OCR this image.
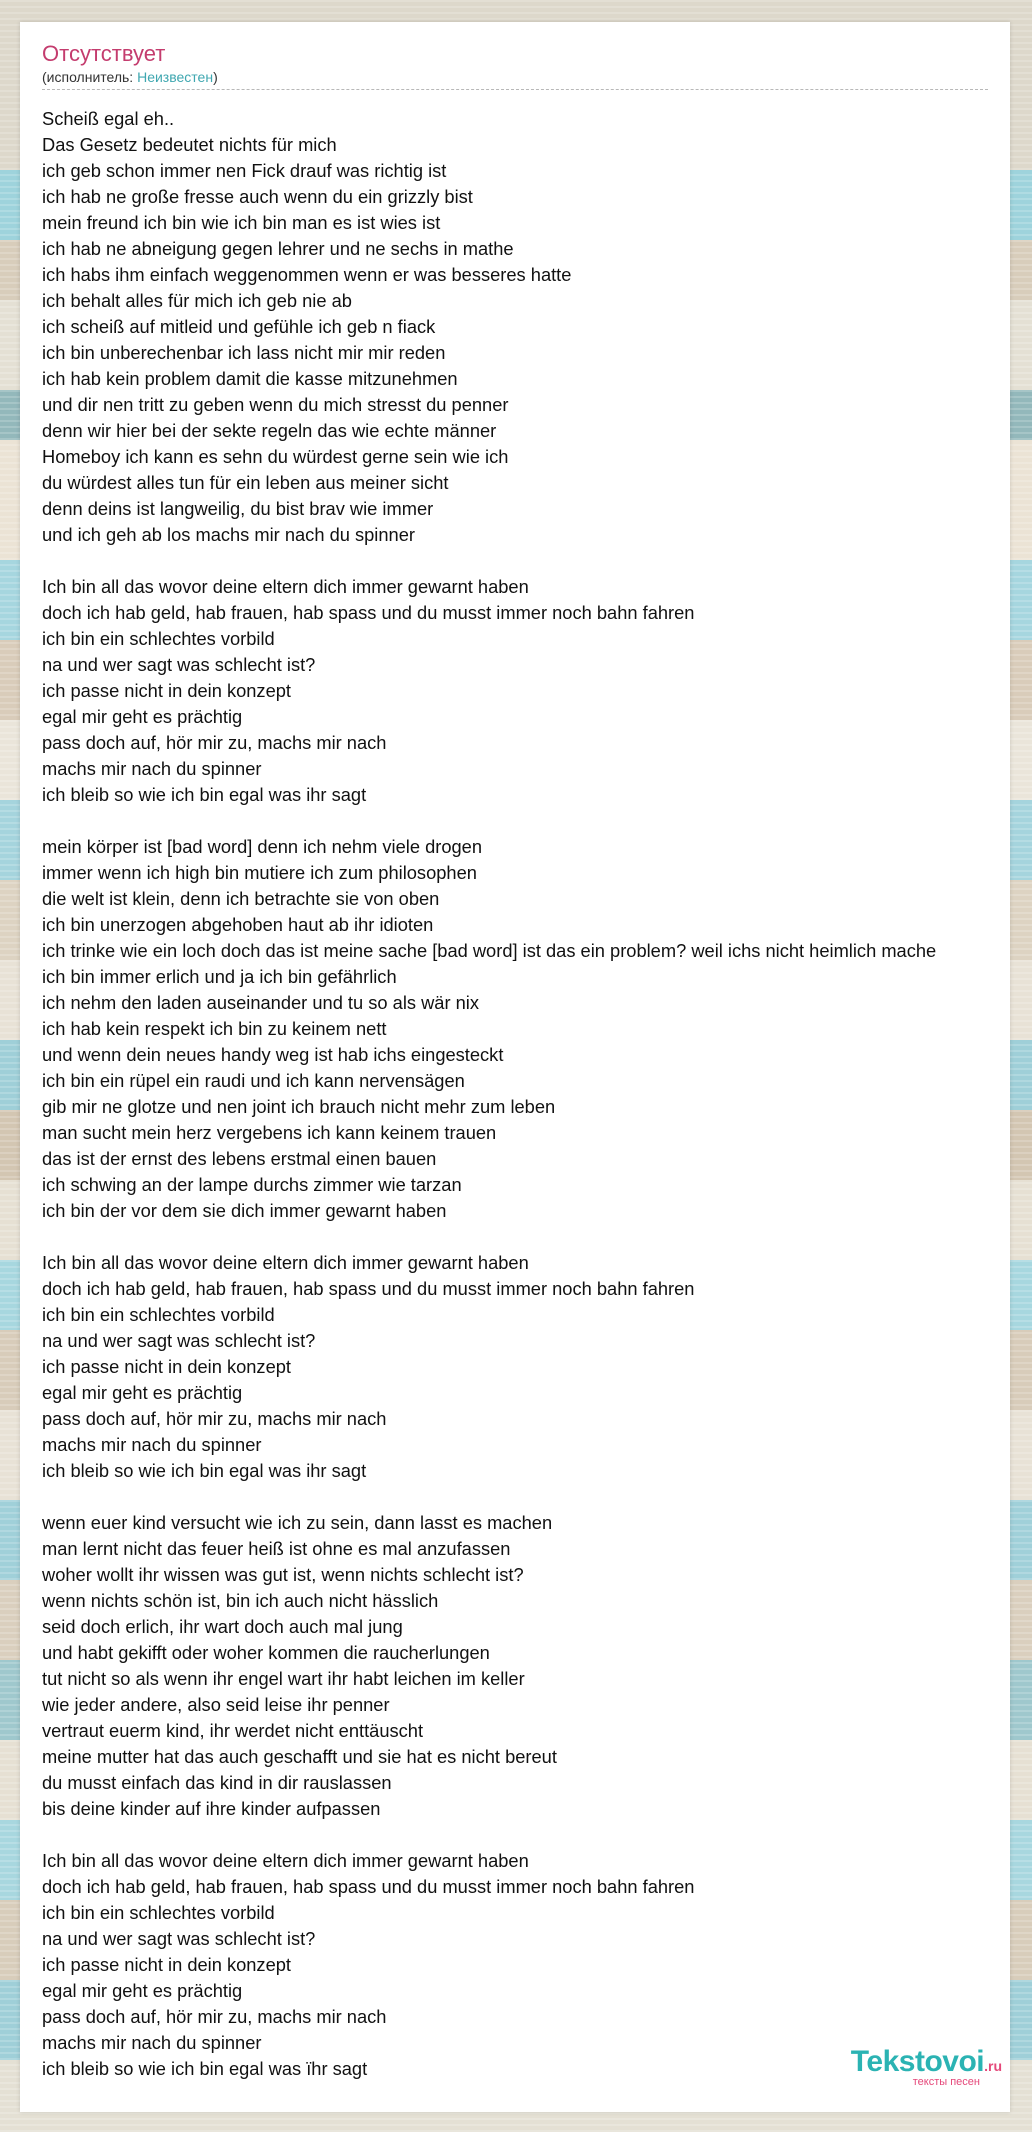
Отсутствует
(исполнитель: Неизвестен)
Scheiß egal eh..
Das Gesetz bedeutet nichts für mich
ich geb schon immer nen Fick drauf was richtig ist
ich hab ne große fresse auch wenn du ein grizzly bist
mein freund ich bin wie ich bin man es ist wies ist
ich hab ne abneigung gegen lehrer und ne sechs in mathe
ich habs ihm einfach weggenommen wenn er was besseres hatte
ich behalt alles für mich ich geb nie ab
ich scheiß auf mitleid und gefühle ich geb n fiack
ich bin unberechenbar ich lass nicht mir mir reden
ich hab kein problem damit die kasse mitzunehmen
und dir nen tritt zu geben wenn du mich stresst du penner
denn wir hier bei der sekte regeln das wie echte männer
Homeboy ich kann es sehn du würdest gerne sein wie ich
du würdest alles tun für ein leben aus meiner sicht
denn deins ist langweilig, du bist brav wie immer
und ich geh ab los machs mir nach du spinner
Ich bin all das wovor deine eltern dich immer gewarnt haben
doch ich hab geld, hab frauen, hab spass und du musst immer noch bahn fahren
ich bin ein schlechtes vorbild
na und wer sagt was schlecht ist?
ich passe nicht in dein konzept
egal mir geht es prächtig
pass doch auf, hör mir zu, machs mir nach
machs mir nach du spinner
ich bleib so wie ich bin egal was ihr sagt
mein körper ist [bad word] denn ich nehm viele drogen
immer wenn ich high bin mutiere ich zum philosophen
die welt ist klein, denn ich betrachte sie von oben
ich bin unerzogen abgehoben haut ab ihr idioten
ich trinke wie ein loch doch das ist meine sache [bad word] ist das ein problem? weil ichs nicht heimlich mache
ich bin immer erlich und ja ich bin gefährlich
ich nehm den laden auseinander und tu so als wär nix
ich hab kein respekt ich bin zu keinem nett
und wenn dein neues handy weg ist hab ichs eingesteckt
ich bin ein rüpel ein raudi und ich kann nervensägen
gib mir ne glotze und nen joint ich brauch nicht mehr zum leben
man sucht mein herz vergebens ich kann keinem trauen
das ist der ernst des lebens erstmal einen bauen
ich schwing an der lampe durchs zimmer wie tarzan
ich bin der vor dem sie dich immer gewarnt haben
Ich bin all das wovor deine eltern dich immer gewarnt haben
doch ich hab geld, hab frauen, hab spass und du musst immer noch bahn fahren
ich bin ein schlechtes vorbild
na und wer sagt was schlecht ist?
ich passe nicht in dein konzept
egal mir geht es prächtig
pass doch auf, hör mir zu, machs mir nach
machs mir nach du spinner
ich bleib so wie ich bin egal was ihr sagt
wenn euer kind versucht wie ich zu sein, dann lasst es machen
man lernt nicht das feuer heiß ist ohne es mal anzufassen
woher wollt ihr wissen was gut ist, wenn nichts schlecht ist?
wenn nichts schön ist, bin ich auch nicht hässlich
seid doch erlich, ihr wart doch auch mal jung
und habt gekifft oder woher kommen die raucherlungen
tut nicht so als wenn ihr engel wart ihr habt leichen im keller
wie jeder andere, also seid leise ihr penner
vertraut euerm kind, ihr werdet nicht enttäuscht
meine mutter hat das auch geschafft und sie hat es nicht bereut
du musst einfach das kind in dir rauslassen
bis deine kinder auf ihre kinder aufpassen
Ich bin all das wovor deine eltern dich immer gewarnt haben
doch ich hab geld, hab frauen, hab spass und du musst immer noch bahn fahren
ich bin ein schlechtes vorbild
na und wer sagt was schlecht ist?
ich passe nicht in dein konzept
egal mir geht es prächtig
pass doch auf, hör mir zu, machs mir nach
machs mir nach du spinner
ich bleib so wie ich bin egal was ïhr sagt	Tekstovoi.ru
тексты песен
